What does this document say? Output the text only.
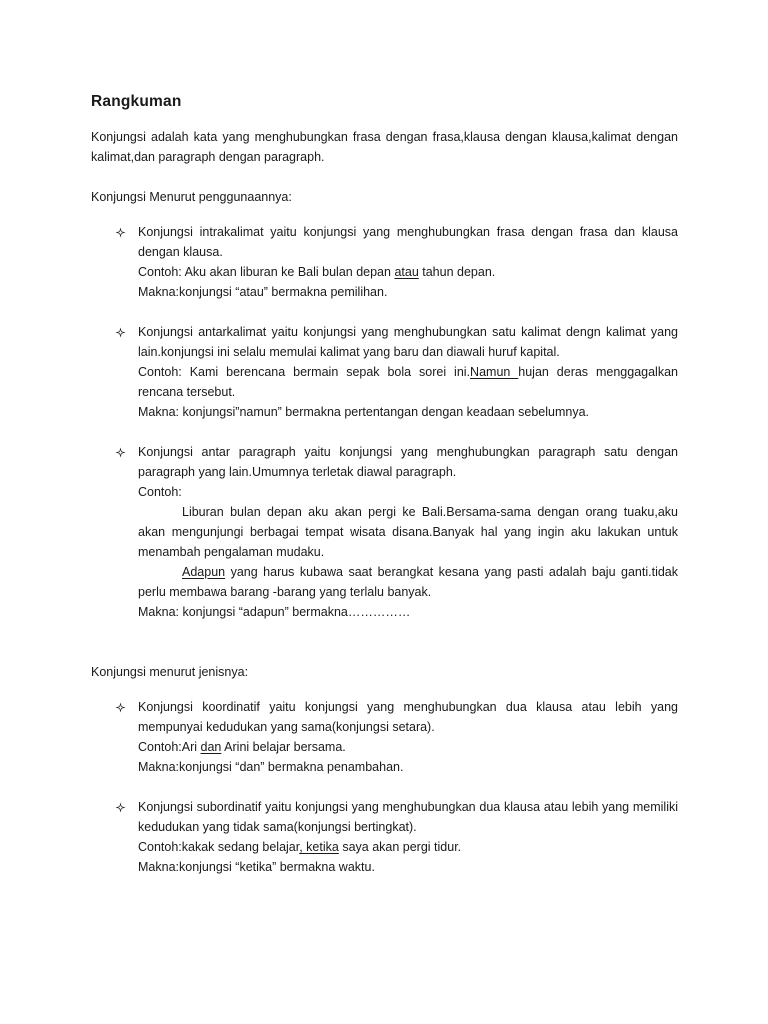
Rangkuman

Konjungsi adalah kata yang menghubungkan frasa dengan frasa,klausa dengan klausa,kalimat dengan kalimat,dan paragraph dengan paragraph.

Konjungsi Menurut penggunaannya:

Konjungsi intrakalimat yaitu konjungsi yang menghubungkan frasa dengan frasa dan klausa dengan klausa.

Contoh: Aku akan liburan ke Bali bulan depan atau tahun depan.

Makna:konjungsi “atau” bermakna pemilihan.

Konjungsi antarkalimat yaitu konjungsi yang menghubungkan satu kalimat dengn kalimat yang lain.konjungsi ini selalu memulai kalimat yang baru dan diawali huruf kapital.

Contoh: Kami berencana bermain sepak bola sorei ini.Namun hujan deras menggagalkan rencana tersebut.

Makna: konjungsi”namun” bermakna pertentangan dengan keadaan sebelumnya.

Konjungsi antar paragraph yaitu konjungsi yang menghubungkan paragraph satu dengan paragraph yang lain.Umumnya terletak diawal paragraph.

Contoh:

Liburan bulan depan aku akan pergi ke Bali.Bersama-sama dengan orang tuaku,aku akan mengunjungi berbagai tempat wisata disana.Banyak hal yang ingin aku lakukan untuk menambah pengalaman mudaku.

Adapun yang harus kubawa saat berangkat kesana yang pasti adalah baju ganti.tidak perlu membawa barang -barang yang terlalu banyak.

Makna: konjungsi “adapun” bermakna……………

Konjungsi menurut jenisnya:

Konjungsi koordinatif yaitu konjungsi yang menghubungkan dua klausa atau lebih yang mempunyai kedudukan yang sama(konjungsi setara).

Contoh:Ari dan Arini belajar bersama.

Makna:konjungsi “dan” bermakna penambahan.

Konjungsi subordinatif yaitu konjungsi yang menghubungkan dua klausa atau lebih yang memiliki kedudukan yang tidak sama(konjungsi bertingkat).

Contoh:kakak sedang belajar, ketika saya akan pergi tidur.

Makna:konjungsi “ketika” bermakna waktu.
